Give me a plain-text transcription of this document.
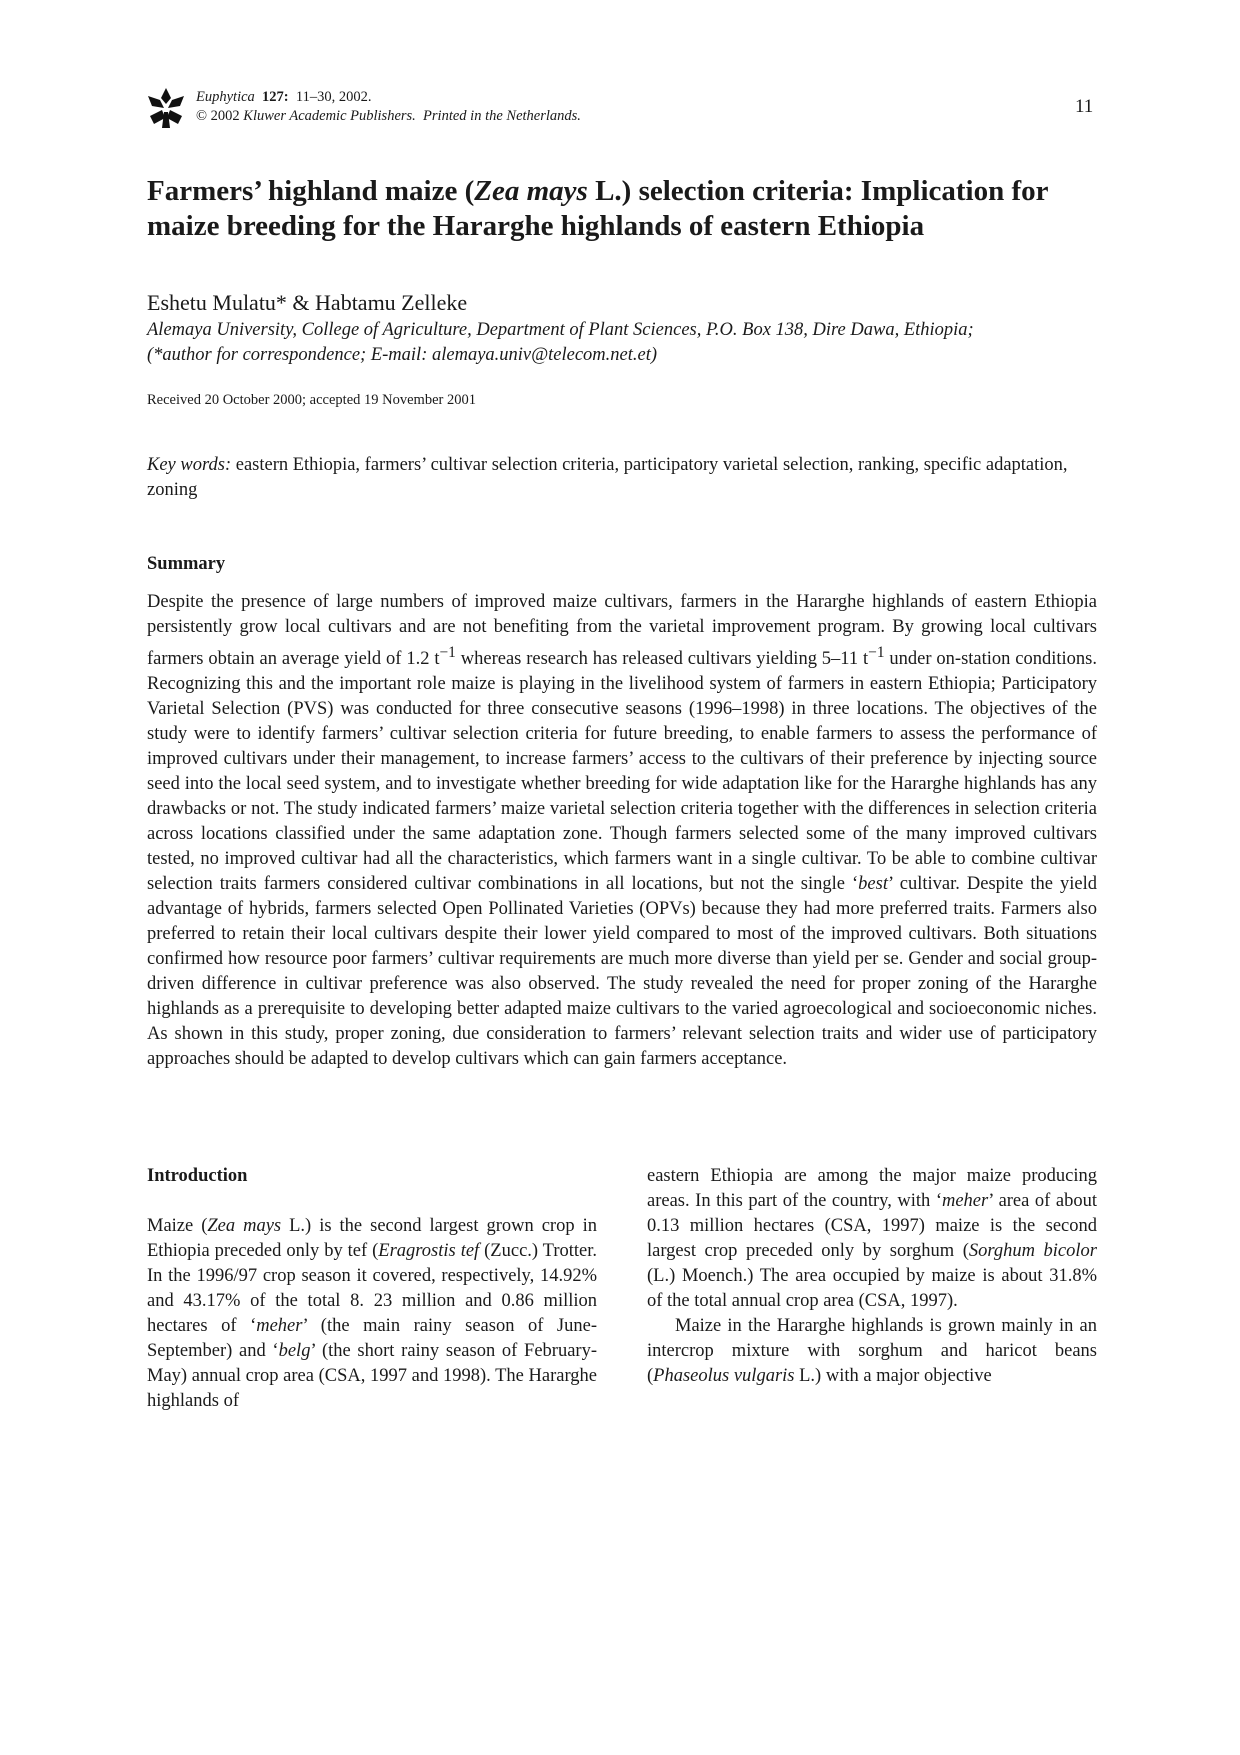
Euphytica 127: 11–30, 2002.
© 2002 Kluwer Academic Publishers. Printed in the Netherlands.	11
Farmers’ highland maize (Zea mays L.) selection criteria: Implication for maize breeding for the Hararghe highlands of eastern Ethiopia
Eshetu Mulatu* & Habtamu Zelleke
Alemaya University, College of Agriculture, Department of Plant Sciences, P.O. Box 138, Dire Dawa, Ethiopia;
(*author for correspondence; E-mail: alemaya.univ@telecom.net.et)
Received 20 October 2000; accepted 19 November 2001
Key words: eastern Ethiopia, farmers’ cultivar selection criteria, participatory varietal selection, ranking, specific adaptation, zoning
Summary

Despite the presence of large numbers of improved maize cultivars, farmers in the Hararghe highlands of eastern Ethiopia persistently grow local cultivars and are not benefiting from the varietal improvement program. By growing local cultivars farmers obtain an average yield of 1.2 $t^{-1}$ whereas research has released cultivars yielding 5–11 $t^{-1}$ under on-station conditions. Recognizing this and the important role maize is playing in the livelihood system of farmers in eastern Ethiopia; Participatory Varietal Selection (PVS) was conducted for three consecutive seasons (1996–1998) in three locations. The objectives of the study were to identify farmers’ cultivar selection criteria for future breeding, to enable farmers to assess the performance of improved cultivars under their management, to increase farmers’ access to the cultivars of their preference by injecting source seed into the local seed system, and to investigate whether breeding for wide adaptation like for the Hararghe highlands has any drawbacks or not. The study indicated farmers’ maize varietal selection criteria together with the differences in selection criteria across locations classified under the same adaptation zone. Though farmers selected some of the many improved cultivars tested, no improved cultivar had all the characteristics, which farmers want in a single cultivar. To be able to combine cultivar selection traits farmers considered cultivar combinations in all locations, but not the single ‘best’ cultivar. Despite the yield advantage of hybrids, farmers selected Open Pollinated Varieties (OPVs) because they had more preferred traits. Farmers also preferred to retain their local cultivars despite their lower yield compared to most of the improved cultivars. Both situations confirmed how resource poor farmers’ cultivar requirements are much more diverse than yield per se. Gender and social group-driven difference in cultivar preference was also observed. The study revealed the need for proper zoning of the Hararghe highlands as a prerequisite to developing better adapted maize cultivars to the varied agroecological and socioeconomic niches. As shown in this study, proper zoning, due consideration to farmers’ relevant selection traits and wider use of participatory approaches should be adapted to develop cultivars which can gain farmers acceptance.

Introduction

Maize (Zea mays L.) is the second largest grown crop in Ethiopia preceded only by tef (Eragrostis tef (Zucc.) Trotter. In the 1996/97 crop season it covered, respectively, 14.92% and 43.17% of the total 8. 23 million and 0.86 million hectares of ‘meher’ (the main rainy season of June-September) and ‘belg’ (the short rainy season of February-May) annual crop area (CSA, 1997 and 1998). The Hararghe highlands of

eastern Ethiopia are among the major maize producing areas. In this part of the country, with ‘meher’ area of about 0.13 million hectares (CSA, 1997) maize is the second largest crop preceded only by sorghum (Sorghum bicolor (L.) Moench.) The area occupied by maize is about 31.8% of the total annual crop area (CSA, 1997).

Maize in the Hararghe highlands is grown mainly in an intercrop mixture with sorghum and haricot beans (Phaseolus vulgaris L.) with a major objective
